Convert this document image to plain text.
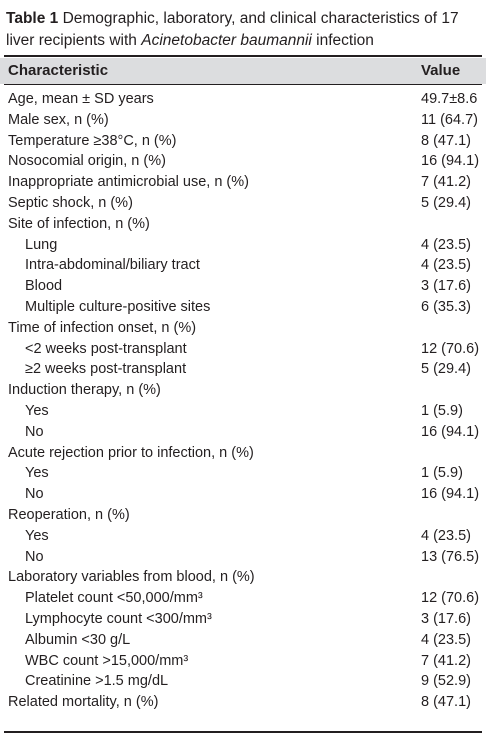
Table 1 Demographic, laboratory, and clinical characteristics of 17 liver recipients with Acinetobacter baumannii infection
Characteristic	Value
Age, mean ± SD years	49.7±8.6
Male sex, n (%)	11 (64.7)
Temperature ≥38°C, n (%)	8 (47.1)
Nosocomial origin, n (%)	16 (94.1)
Inappropriate antimicrobial use, n (%)	7 (41.2)
Septic shock, n (%)	5 (29.4)
Site of infection, n (%)
Lung	4 (23.5)
Intra-abdominal/biliary tract	4 (23.5)
Blood	3 (17.6)
Multiple culture-positive sites	6 (35.3)
Time of infection onset, n (%)
<2 weeks post-transplant	12 (70.6)
≥2 weeks post-transplant	5 (29.4)
Induction therapy, n (%)
Yes	1 (5.9)
No	16 (94.1)
Acute rejection prior to infection, n (%)
Yes	1 (5.9)
No	16 (94.1)
Reoperation, n (%)
Yes	4 (23.5)
No	13 (76.5)
Laboratory variables from blood, n (%)
Platelet count <50,000/mm³	12 (70.6)
Lymphocyte count <300/mm³	3 (17.6)
Albumin <30 g/L	4 (23.5)
WBC count >15,000/mm³	7 (41.2)
Creatinine >1.5 mg/dL	9 (52.9)
Related mortality, n (%)	8 (47.1)
